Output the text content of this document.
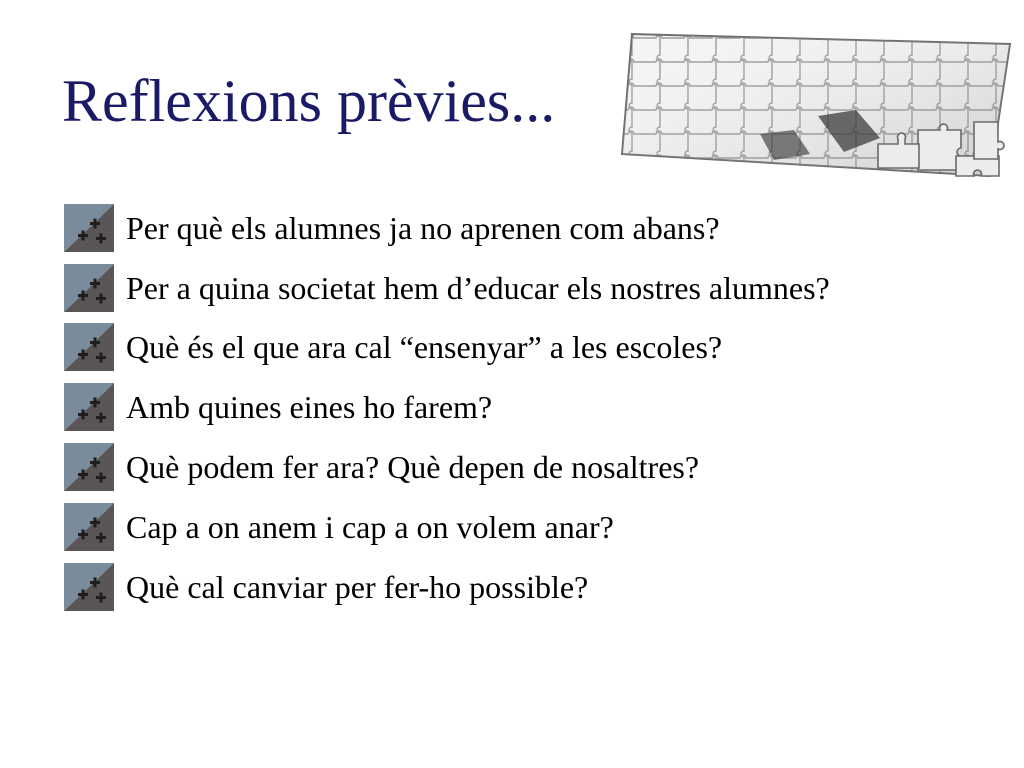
Reflexions prèvies...
Per què els alumnes ja no aprenen com abans?
Per a quina societat hem d’educar els nostres alumnes?
Què és el que ara cal “ensenyar” a les escoles?
Amb quines eines ho farem?
Què podem fer ara? Què depen de nosaltres?
Cap a on anem i cap a on volem anar?
Què cal canviar per fer-ho possible?
